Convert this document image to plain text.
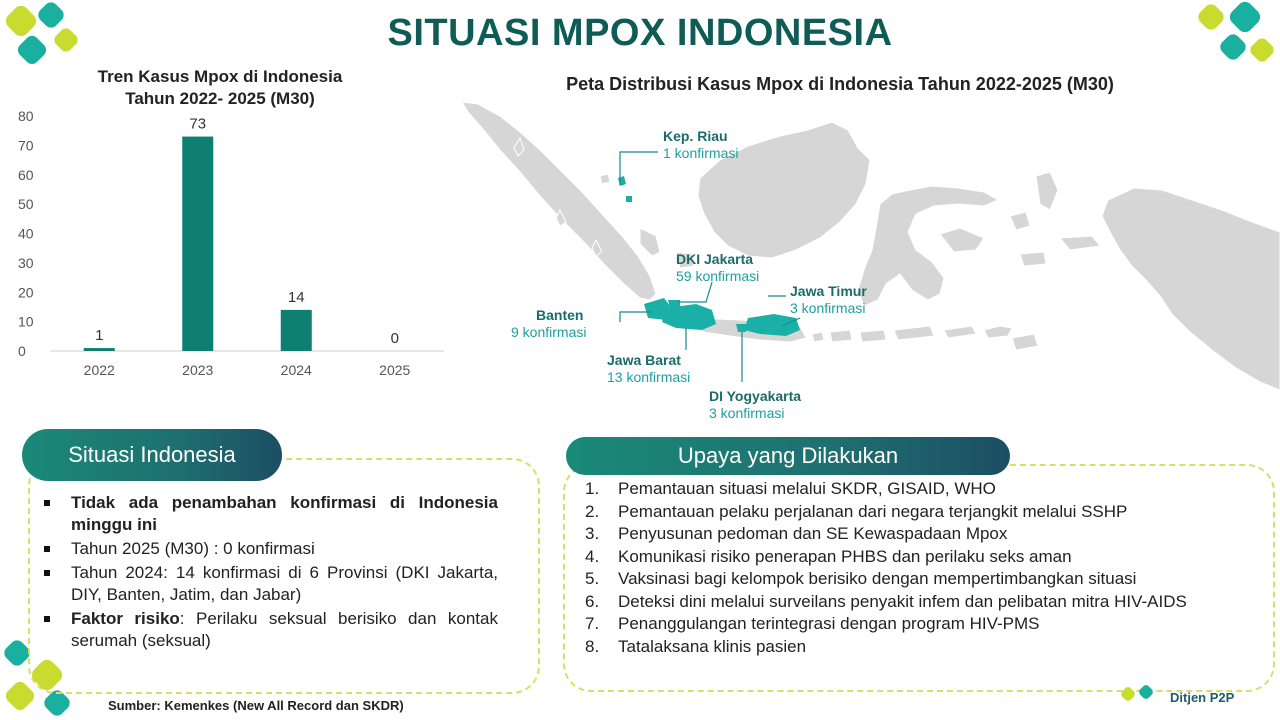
SITUASI MPOX INDONESIA
Tren Kasus Mpox di Indonesia
Tahun 2022- 2025 (M30)
0
10
20
30
40
50
60
70
80
1
2022
73
2023
14
2024
0
2025
Peta Distribusi Kasus Mpox di Indonesia Tahun 2022-2025 (M30)
Kep. Riau
1 konfirmasi
DKI Jakarta
59 konfirmasi
Jawa Timur
3 konfirmasi
Banten
9 konfirmasi
Jawa Barat
13 konfirmasi
DI Yogyakarta
3 konfirmasi
Situasi Indonesia
Tidak ada penambahan konfirmasi di Indonesia minggu ini
Tahun 2025 (M30) : 0 konfirmasi
Tahun 2024: 14 konfirmasi di 6 Provinsi (DKI Jakarta, DIY, Banten, Jatim, dan Jabar)
Faktor risiko: Perilaku seksual berisiko dan kontak serumah (seksual)
Upaya yang Dilakukan
1.	Pemantauan situasi melalui SKDR, GISAID, WHO
2.	Pemantauan pelaku perjalanan dari negara terjangkit melalui SSHP
3.	Penyusunan pedoman dan SE Kewaspadaan Mpox
4.	Komunikasi risiko penerapan PHBS dan perilaku seks aman
5.	Vaksinasi bagi kelompok berisiko dengan mempertimbangkan situasi
6.	Deteksi dini melalui surveilans penyakit infem dan pelibatan mitra HIV-AIDS
7.	Penanggulangan terintegrasi dengan program HIV-PMS
8.	Tatalaksana klinis pasien
Sumber: Kemenkes (New All Record dan SKDR)
Ditjen P2P
